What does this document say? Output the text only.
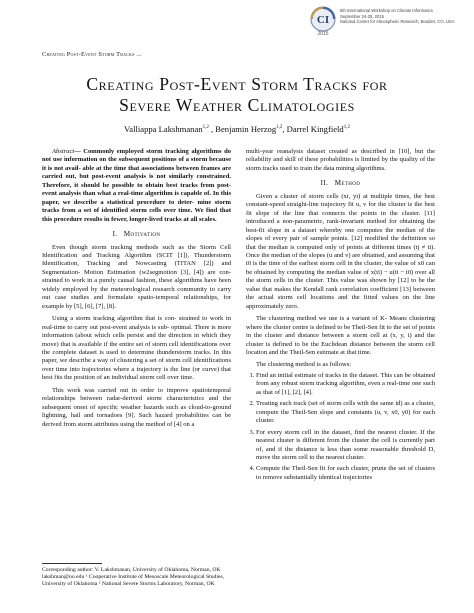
CI
2015
5th International Workshop on Climate Informatics
September 24-25, 2015
National Center for Atmospheric Research, Boulder, CO, USA
Creating Post-Event Storm Tracks ...
Creating Post-Event Storm Tracks for
Severe Weather Climatologies
Valliappa Lakshmanan$^{1,2}$ , Benjamin Herzog$^{1,2}$, Darrel Kingfield$^{1,2}$

Abstract— Commonly employed storm tracking algorithms do not use information on the subsequent positions of a storm because it is not avail- able at the time that associations between frames are carried out, but post-event analysis is not similarly constrained. Therefore, it should be possible to obtain best tracks from post-event analysis than what a real-time algorithm is capable of. In this paper, we describe a statistical procedure to deter- mine storm tracks from a set of identified storm cells over time. We find that this procedure results in fewer, longer-lived tracks at all scales.

I. Motivation

Even though storm tracking methods such as the Storm Cell Identification and Tracking Algorithm (SCIT [1]), Thunderstorm Identification, Tracking and Nowcasting (TITAN [2]) and Segmentation- Motion Estimation (w2segmotion [3], [4]) are con- strained to work in a purely causal fashion, these algorithms have been widely employed by the meteorological research community to carry out case studies and formulate spatio-temporal relationships, for example by [5], [6], [7], [8].

Using a storm tracking algorithm that is con- strained to work in real-time to carry out post-event analysis is sub- optimal. There is more information (about which cells persist and the direction in which they move) that is available if the entire set of storm cell identifications over the complete dataset is used to determine thunderstorm tracks. In this paper, we describe a way of clustering a set of storm cell identifications over time into trajectories where a trajectory is the line (or curve) that best fits the position of an individual storm cell over time.

This work was carried out in order to improve spatiotemporal relationships between radar-derived storm characteristics and the subsequent onset of specific weather hazards such as cloud-to-ground lightning, hail and tornadoes [9]. Such hazard probabilities can be derived from storm attributes using the method of [4] on a

Corresponding author: V. Lakshmanan, University of Oklahoma, Norman, OK lakshman@ou.edu ¹ Cooperative Institute of Mesoscale Meteorological Studies, University of Oklahoma ² National Severe Storms Laboratory, Norman, OK

multi-year reanalysis dataset created as described in [10], but the reliability and skill of these probabilities is limited by the quality of the storm tracks used to train the data mining algorithms.

II. Method

Given a cluster of storm cells (xi, yi) at multiple times, the best constant-speed straight-line trajectory fit u, v for the cluster is the best fit slope of the line that connects the points in the cluster. [11] introduced a non-parametric, rank-invariant method for obtaining the best-fit slope in a dataset whereby one computes the median of the slopes of every pair of sample points. [12] modified the definition so that the median is computed only of points at different times (tj ≠ ti). Once the median of the slopes (u and v) are obtained, and assuming that t0 is the time of the earliest storm cell in the cluster, the value of x0 can be obtained by computing the median value of x(ti) − u(ti − t0) over all the storm cells in the cluster. This value was shown by [12] to be the value that makes the Kendall rank correlation coefficient [13] between the actual storm cell locations and the fitted values on the line approximately zero.

The clustering method we use is a variant of K- Means clustering where the cluster centre is defined to be Theil-Sen fit to the set of points in the cluster and distance between a storm cell at (x, y, t) and the cluster is defined to be the Euclidean distance between the storm cell location and the Theil-Sen estimate at that time.

The clustering method is as follows:

1. Find an initial estimate of tracks in the dataset. This can be obtained from any robust storm tracking algorithm, even a real-time one such as that of [1], [2], [4].
2. Treating each track (set of storm cells with the same id) as a cluster, compute the Theil-Sen slope and constants (u, v, x0, y0) for each cluster.
3. For every storm cell in the dataset, find the nearest cluster. If the nearest cluster is different from the cluster the cell is currently part of, and if the distance is less than some reasonable threshold D, move the storm cell to the nearest cluster.
4. Compute the Theil-Sen fit for each cluster, prune the set of clusters to remove substantially identical trajectories
